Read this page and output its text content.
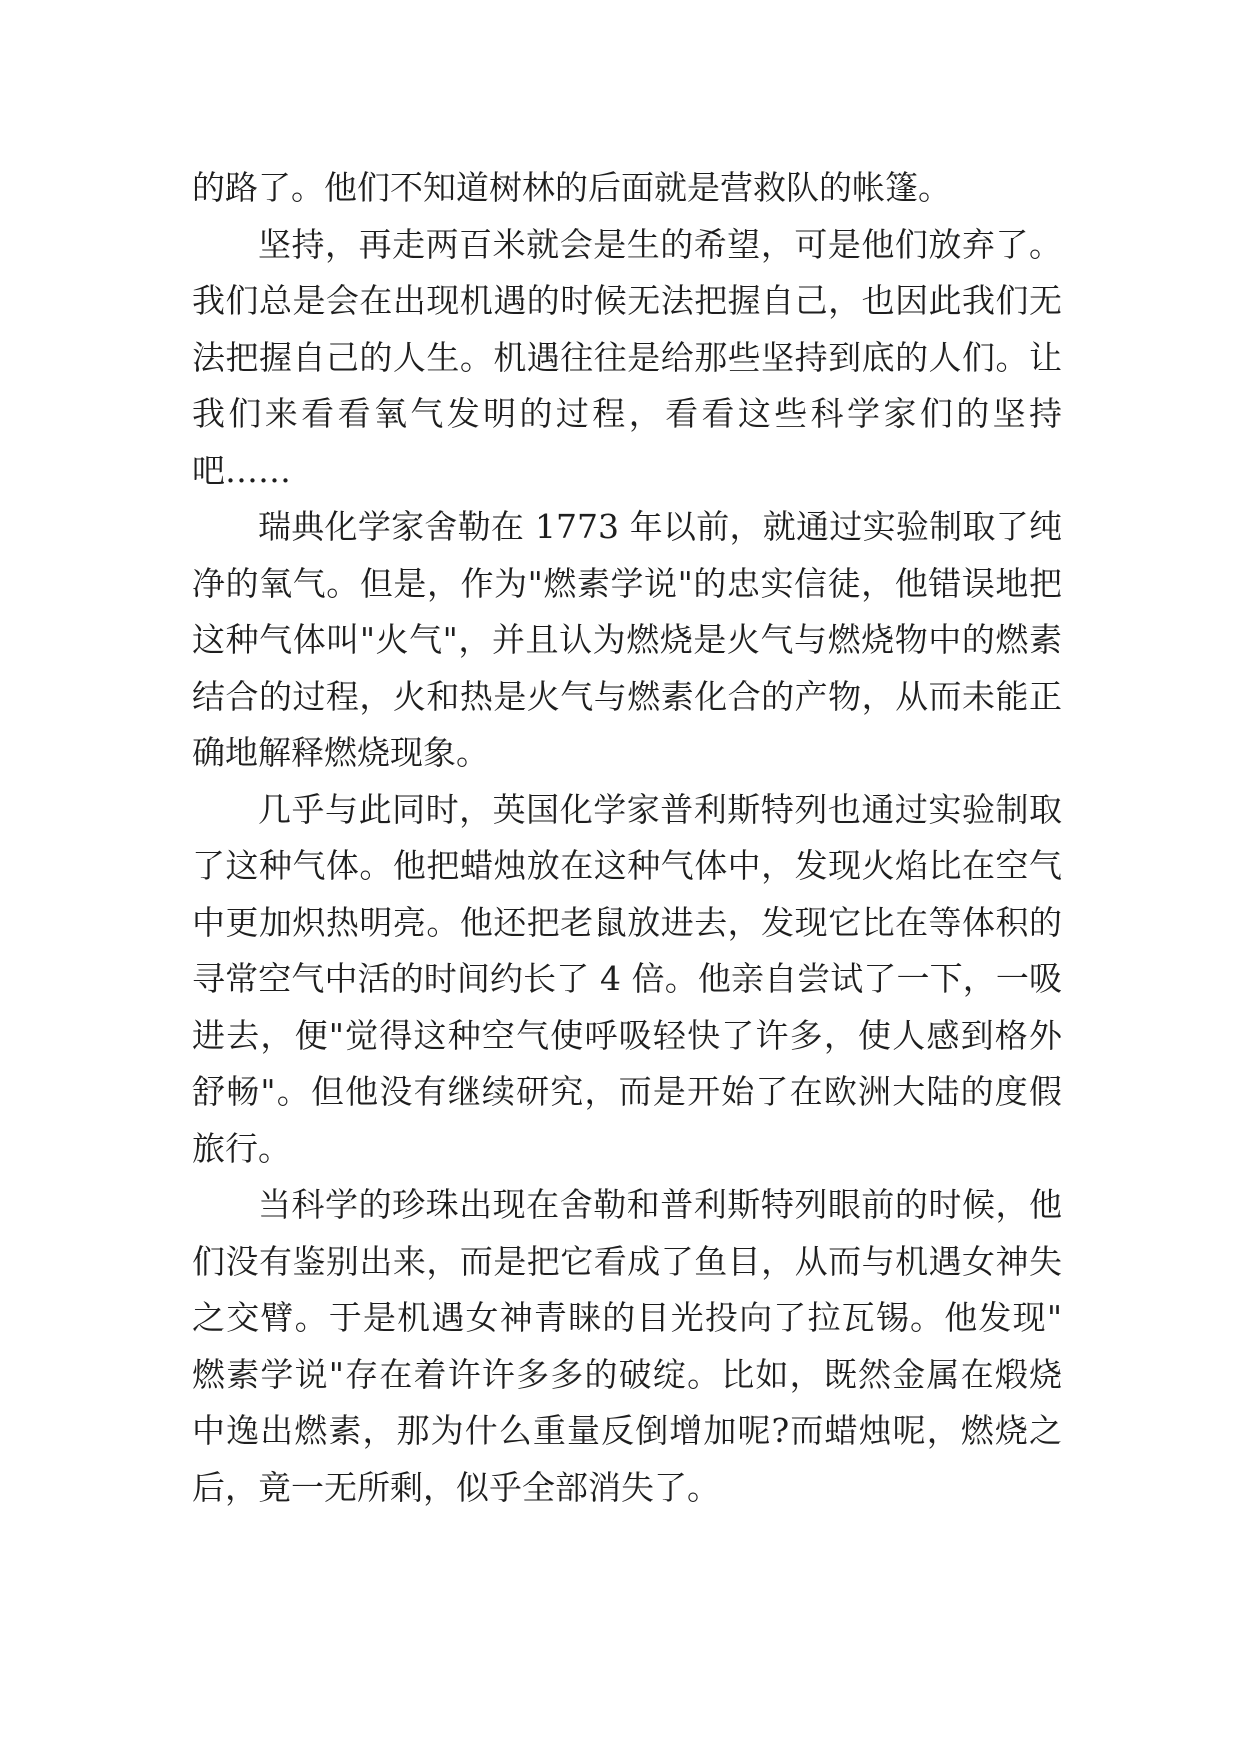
的路了。他们不知道树林的后面就是营救队的帐篷。
坚持，再走两百米就会是生的希望，可是他们放弃了。
我们总是会在出现机遇的时候无法把握自己，也因此我们无
法把握自己的人生。机遇往往是给那些坚持到底的人们。让
我们来看看氧气发明的过程，看看这些科学家们的坚持
吧……
瑞典化学家舍勒在 1773 年以前，就通过实验制取了纯
净的氧气。但是，作为"燃素学说"的忠实信徒，他错误地把
这种气体叫"火气"，并且认为燃烧是火气与燃烧物中的燃素
结合的过程，火和热是火气与燃素化合的产物，从而未能正
确地解释燃烧现象。
几乎与此同时，英国化学家普利斯特列也通过实验制取
了这种气体。他把蜡烛放在这种气体中，发现火焰比在空气
中更加炽热明亮。他还把老鼠放进去，发现它比在等体积的
寻常空气中活的时间约长了 4 倍。他亲自尝试了一下，一吸
进去，便"觉得这种空气使呼吸轻快了许多，使人感到格外
舒畅"。但他没有继续研究，而是开始了在欧洲大陆的度假
旅行。
当科学的珍珠出现在舍勒和普利斯特列眼前的时候，他
们没有鉴别出来，而是把它看成了鱼目，从而与机遇女神失
之交臂。于是机遇女神青睐的目光投向了拉瓦锡。他发现"
燃素学说"存在着许许多多的破绽。比如，既然金属在煅烧
中逸出燃素，那为什么重量反倒增加呢?而蜡烛呢，燃烧之
后，竟一无所剩，似乎全部消失了。
